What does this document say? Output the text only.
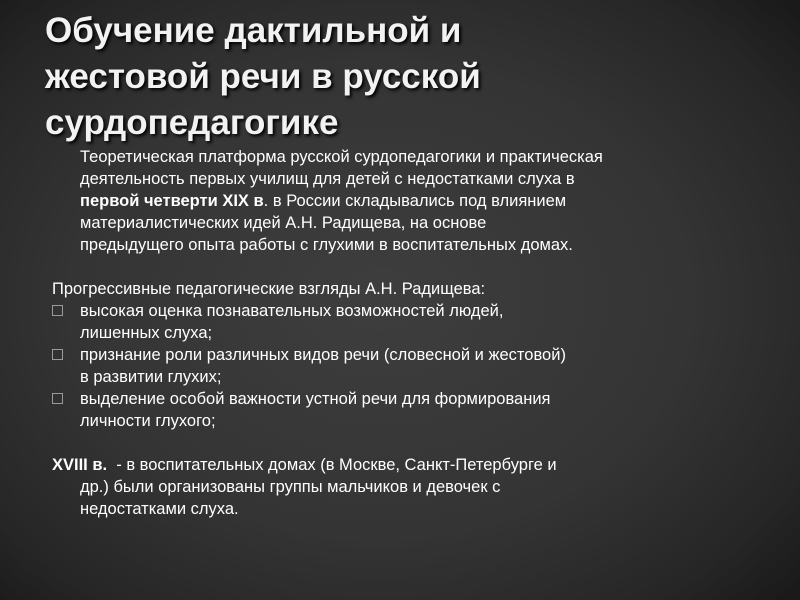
Обучение дактильной и
жестовой речи в русской
сурдопедагогике
Теоретическая платформа русской сурдопедагогики и практическая
деятельность первых училищ для детей с недостатками слуха в
первой четверти XIX в. в России складывались под влиянием
материалистических идей А.Н. Радищева, на основе
предыдущего опыта работы с глухими в воспитательных домах.
Прогрессивные педагогические взгляды А.Н. Радищева:
высокая оценка познавательных возможностей людей,
лишенных слуха;
признание роли различных видов речи (словесной и жестовой)
в развитии глухих;
выделение особой важности устной речи для формирования
личности глухого;
XVIII в.  - в воспитательных домах (в Москве, Санкт-Петербурге и
др.) были организованы группы мальчиков и девочек с
недостатками слуха.
